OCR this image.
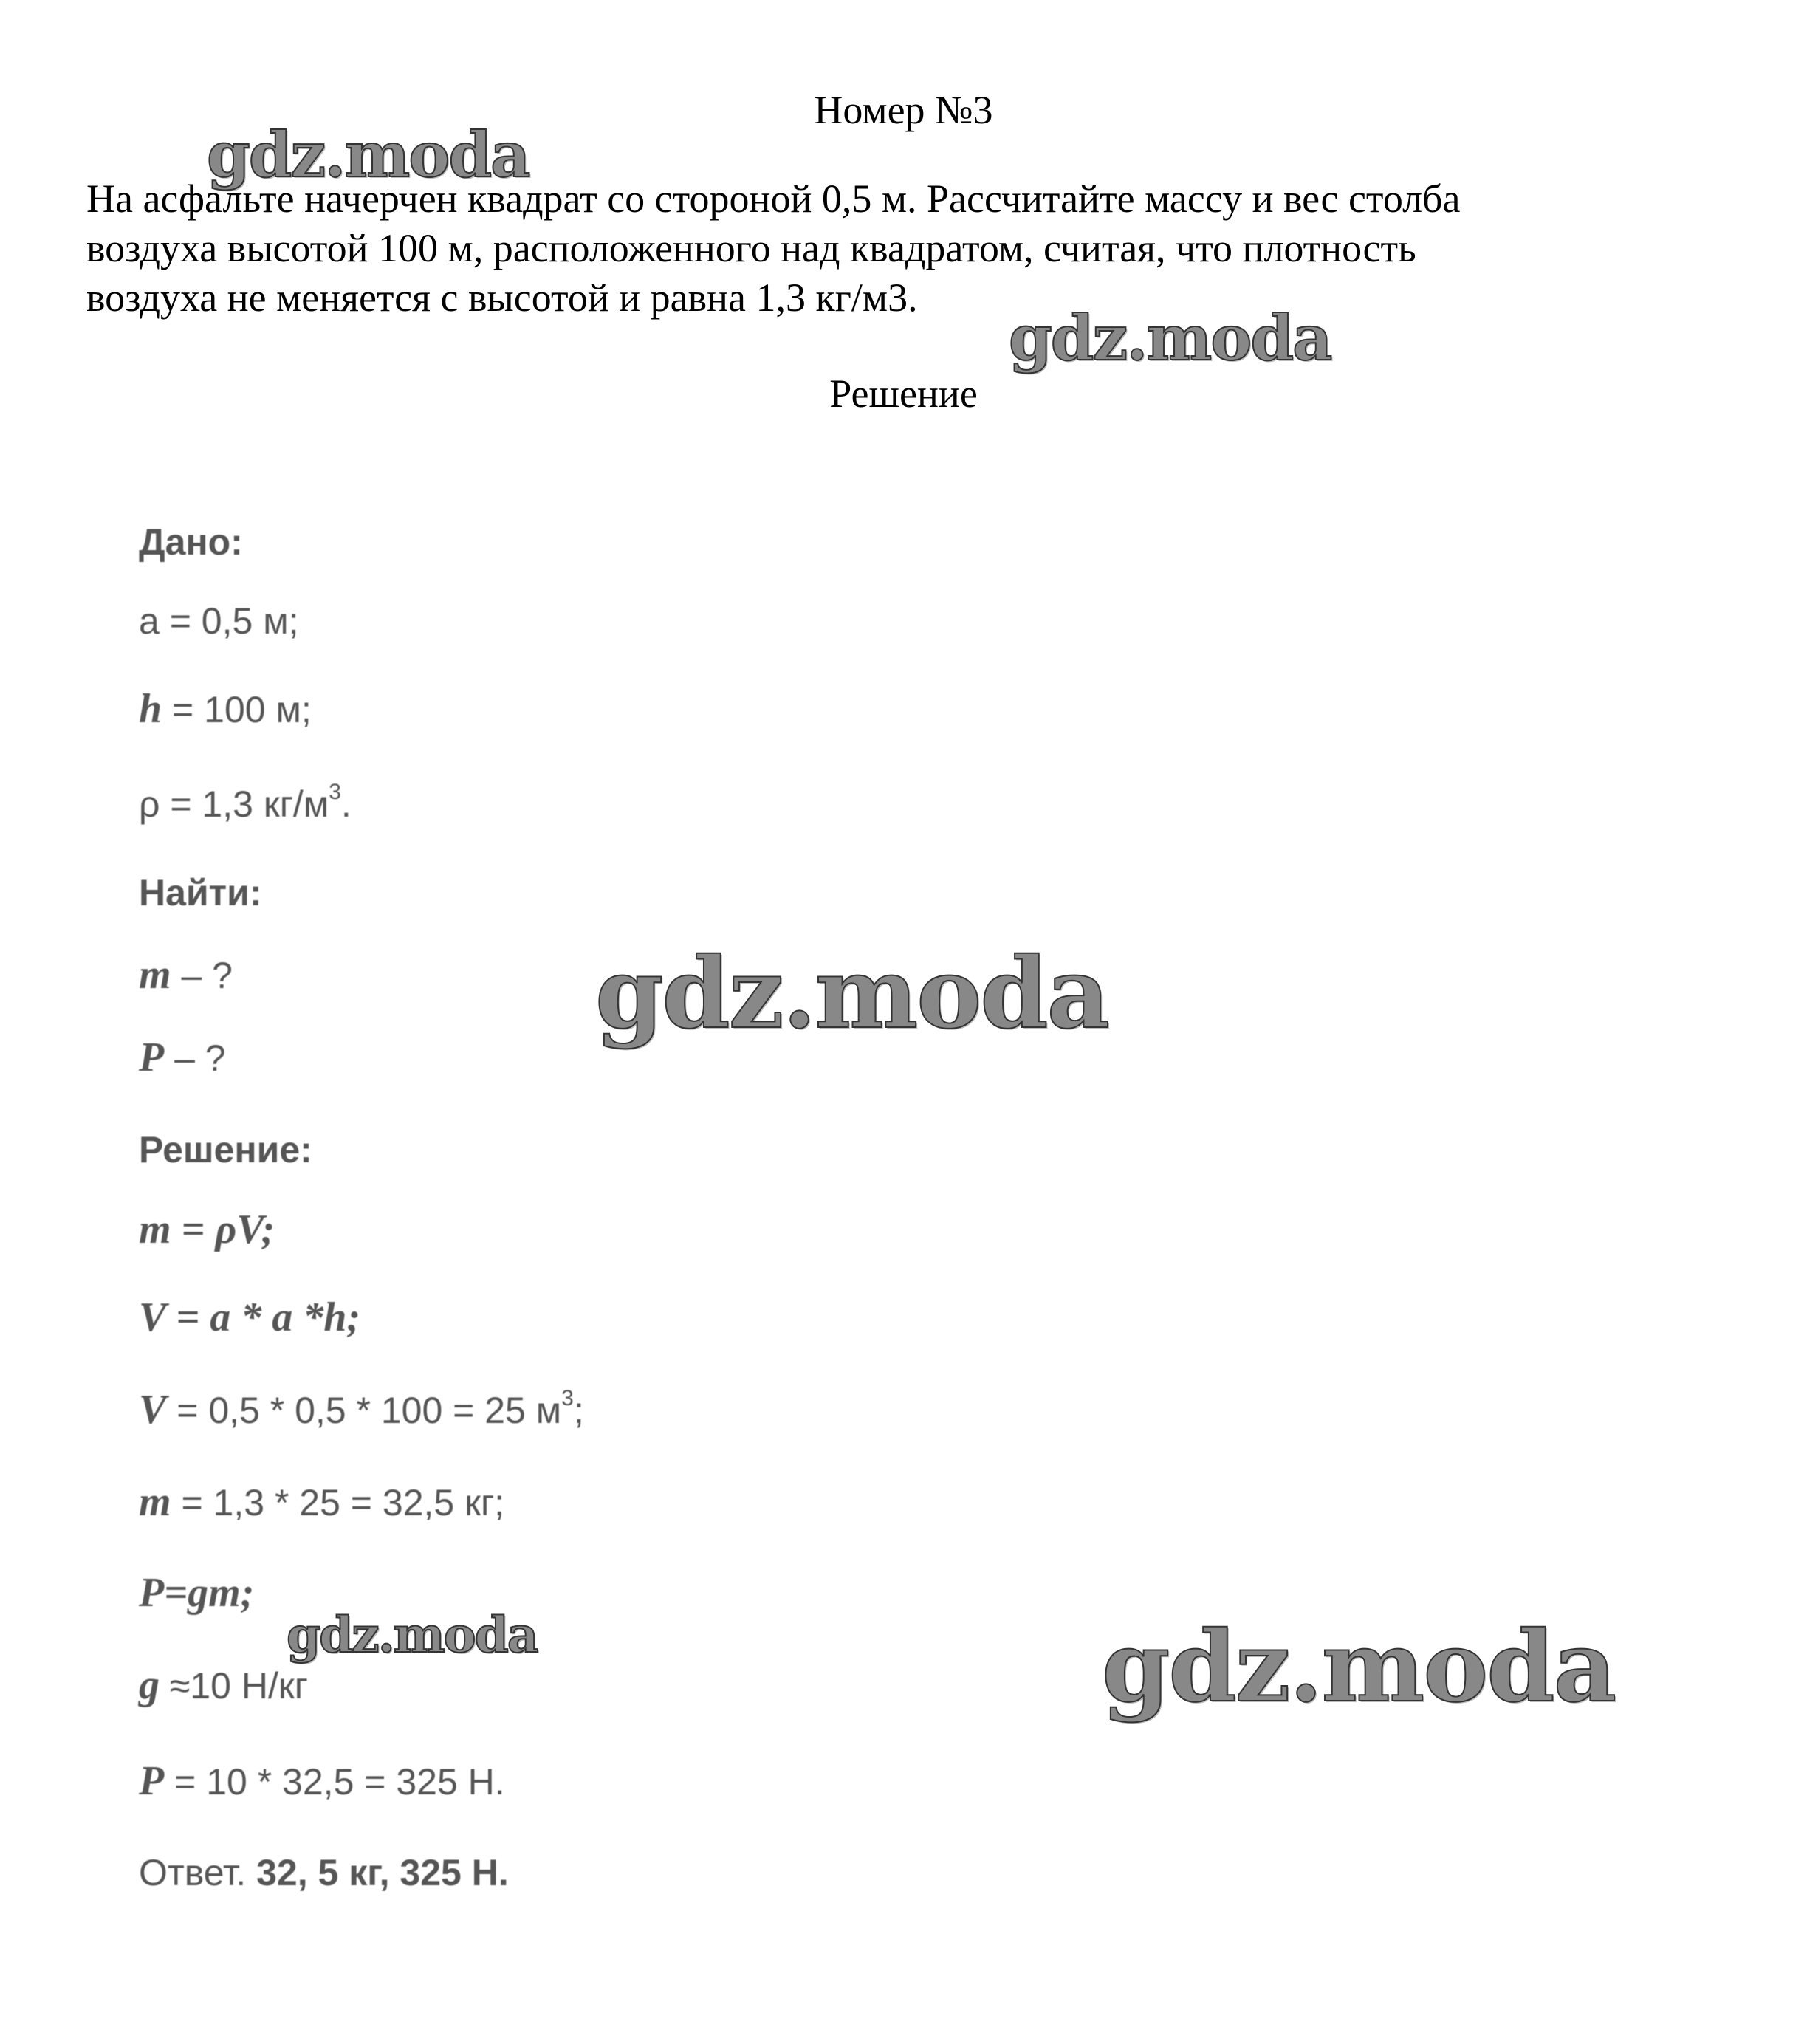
Номер №3
На асфальте начерчен квадрат со стороной 0,5 м. Рассчитайте массу и вес столба
воздуха высотой 100 м, расположенного над квадратом, считая, что плотность
воздуха не меняется с высотой и равна 1,3 кг/м3.
Решение
Дано:
а = 0,5 м;
h = 100 м;
ρ = 1,3 $кг/м^3$.
Найти:
m – ?
P – ?
Решение:
m = ρV;
V = a * a *h;
V = 0,5 * 0,5 * 100 = 25 $м^3$;
m = 1,3 * 25 = 32,5 кг;
P=gm;
g ≈10 Н/кг
P = 10 * 32,5 = 325 Н.
Ответ. 32, 5 кг, 325 Н.
gdz.moda
gdz.moda
gdz.moda
gdz.moda	gdz.moda
